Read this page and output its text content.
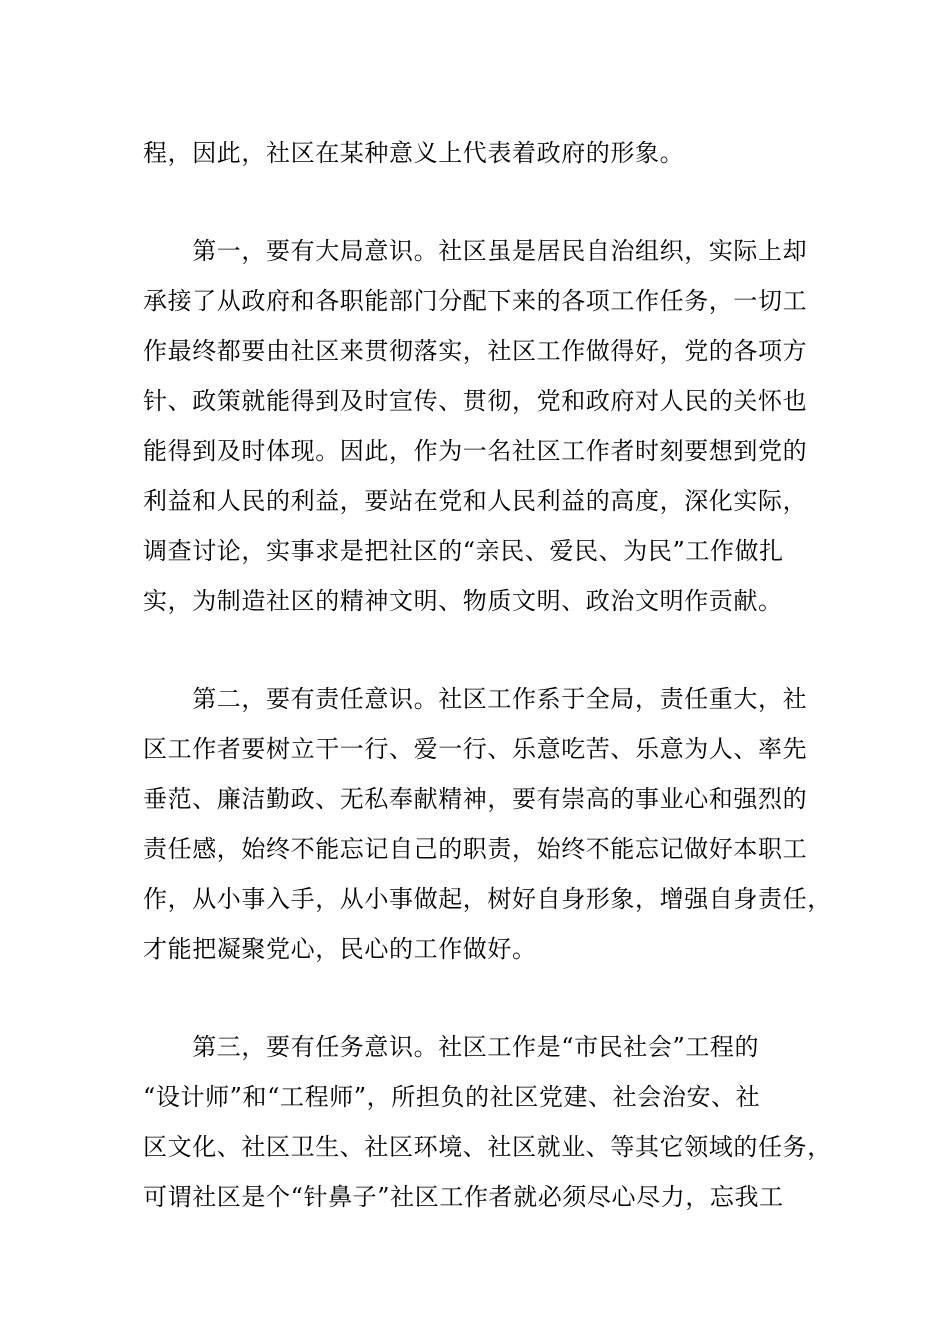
程，因此，社区在某种意义上代表着政府的形象。
　　第一，要有大局意识。社区虽是居民自治组织，实际上却
承接了从政府和各职能部门分配下来的各项工作任务，一切工
作最终都要由社区来贯彻落实，社区工作做得好，党的各项方
针、政策就能得到及时宣传、贯彻，党和政府对人民的关怀也
能得到及时体现。因此，作为一名社区工作者时刻要想到党的
利益和人民的利益，要站在党和人民利益的高度，深化实际，
调查讨论，实事求是把社区的“亲民、爱民、为民”工作做扎
实，为制造社区的精神文明、物质文明、政治文明作贡献。
　　第二，要有责任意识。社区工作系于全局，责任重大，社
区工作者要树立干一行、爱一行、乐意吃苦、乐意为人、率先
垂范、廉洁勤政、无私奉献精神，要有崇高的事业心和强烈的
责任感，始终不能忘记自己的职责，始终不能忘记做好本职工
作，从小事入手，从小事做起，树好自身形象，增强自身责任，
才能把凝聚党心，民心的工作做好。
　　第三，要有任务意识。社区工作是“市民社会”工程的
“设计师”和“工程师”，所担负的社区党建、社会治安、社
区文化、社区卫生、社区环境、社区就业、等其它领域的任务，
可谓社区是个“针鼻子”社区工作者就必须尽心尽力，忘我工
